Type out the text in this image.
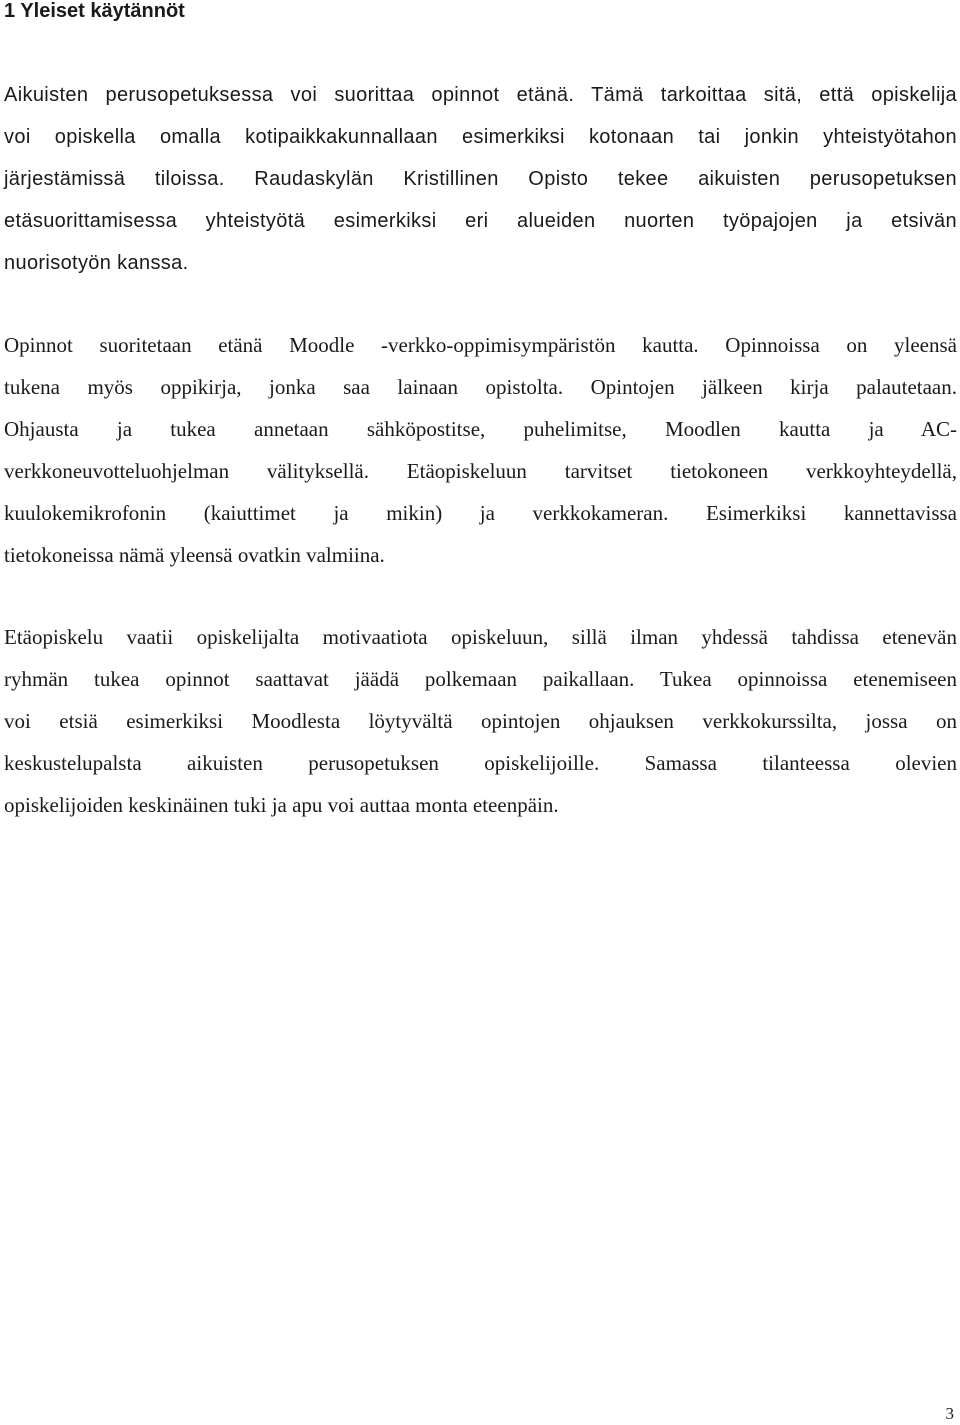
1 Yleiset käytännöt
Aikuisten perusopetuksessa voi suorittaa opinnot etänä. Tämä tarkoittaa sitä, että opiskelija
voi opiskella omalla kotipaikkakunnallaan esimerkiksi kotonaan tai jonkin yhteistyötahon
järjestämissä tiloissa. Raudaskylän Kristillinen Opisto tekee aikuisten perusopetuksen
etäsuorittamisessa yhteistyötä esimerkiksi eri alueiden nuorten työpajojen ja etsivän
nuorisotyön kanssa.
Opinnot suoritetaan etänä Moodle -verkko-oppimisympäristön kautta. Opinnoissa on yleensä
tukena myös oppikirja, jonka saa lainaan opistolta. Opintojen jälkeen kirja palautetaan.
Ohjausta ja tukea annetaan sähköpostitse, puhelimitse, Moodlen kautta ja AC-
verkkoneuvotteluohjelman välityksellä. Etäopiskeluun tarvitset tietokoneen verkkoyhteydellä,
kuulokemikrofonin (kaiuttimet ja mikin) ja verkkokameran. Esimerkiksi kannettavissa
tietokoneissa nämä yleensä ovatkin valmiina.
Etäopiskelu vaatii opiskelijalta motivaatiota opiskeluun, sillä ilman yhdessä tahdissa etenevän
ryhmän tukea opinnot saattavat jäädä polkemaan paikallaan. Tukea opinnoissa etenemiseen
voi etsiä esimerkiksi Moodlesta löytyvältä opintojen ohjauksen verkkokurssilta, jossa on
keskustelupalsta aikuisten perusopetuksen opiskelijoille. Samassa tilanteessa olevien
opiskelijoiden keskinäinen tuki ja apu voi auttaa monta eteenpäin.
3
